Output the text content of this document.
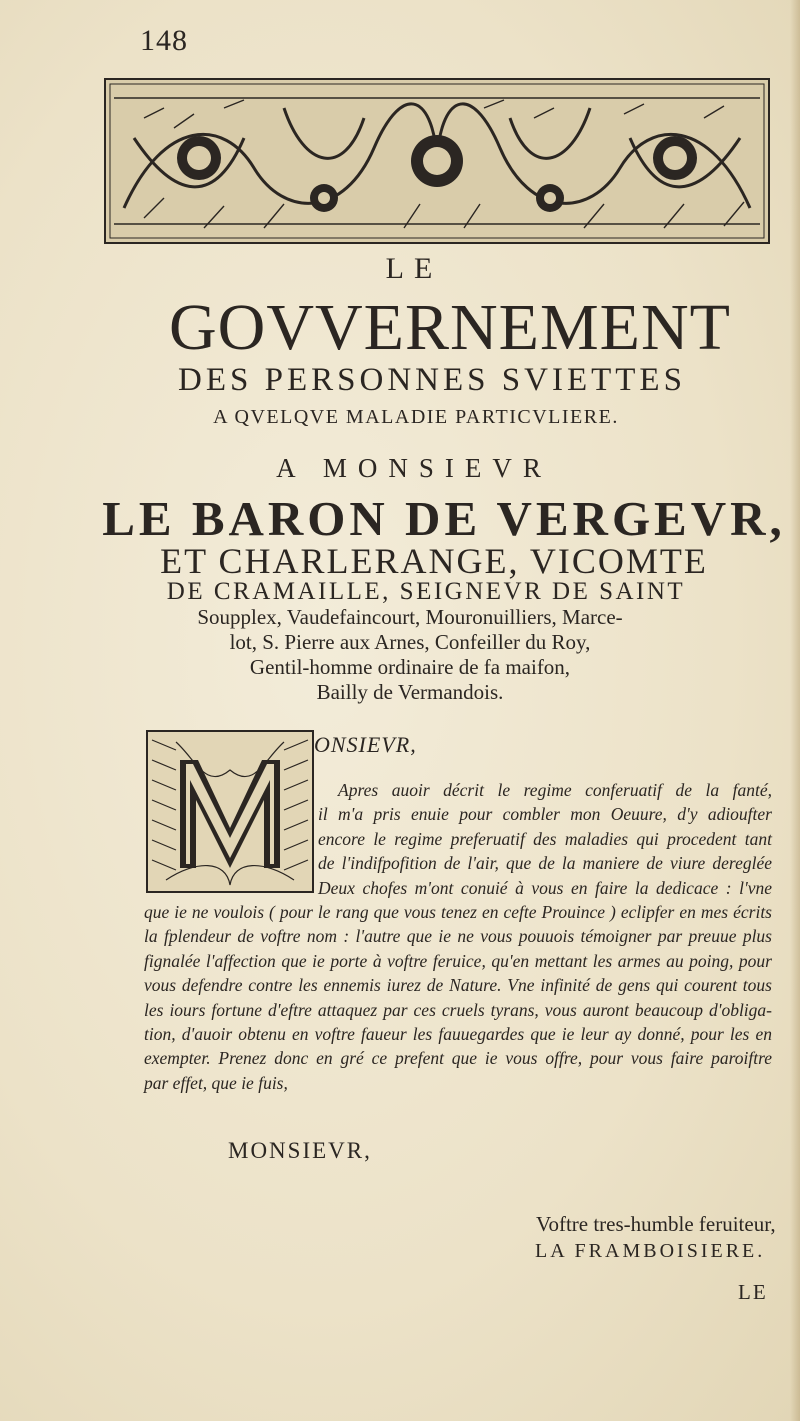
148
LE
GOVVERNEMENT
DES PERSONNES SVIETTES
A QVELQVE MALADIE PARTICVLIERE.
A MONSIEVR
LE BARON DE VERGEVR,
ET CHARLERANGE, VICOMTE
DE CRAMAILLE, SEIGNEVR DE SAINT
Soupplex, Vaudefaincourt, Mouronuilliers, Marce-
lot, S. Pierre aux Arnes, Confeiller du Roy,
Gentil-homme ordinaire de fa maifon,
Bailly de Vermandois.
ONSIEVR,
Apres auoir décrit le regime conferuatif de la fanté,
il m'a pris enuie pour combler mon Oeuure, d'y adioufter
encore le regime preferuatif des maladies qui procedent tant
de l'indifpofition de l'air, que de la maniere de viure dereglée
Deux chofes m'ont conuié à vous en faire la dedicace : l'vne
que ie ne voulois ( pour le rang que vous tenez en cefte Prouince ) eclipfer en mes écrits
la fplendeur de voftre nom : l'autre que ie ne vous pouuois témoigner par preuue plus
fignalée l'affection que ie porte à voftre feruice, qu'en mettant les armes au poing, pour
vous defendre contre les ennemis iurez de Nature. Vne infinité de gens qui courent tous
les iours fortune d'eftre attaquez par ces cruels tyrans, vous auront beaucoup d'obliga-
tion, d'auoir obtenu en voftre faueur les fauuegardes que ie leur ay donné, pour les en
exempter. Prenez donc en gré ce prefent que ie vous offre, pour vous faire paroiftre
par effet, que ie fuis,
MONSIEVR,
Voftre tres-humble feruiteur,
LA FRAMBOISIERE.
LE
